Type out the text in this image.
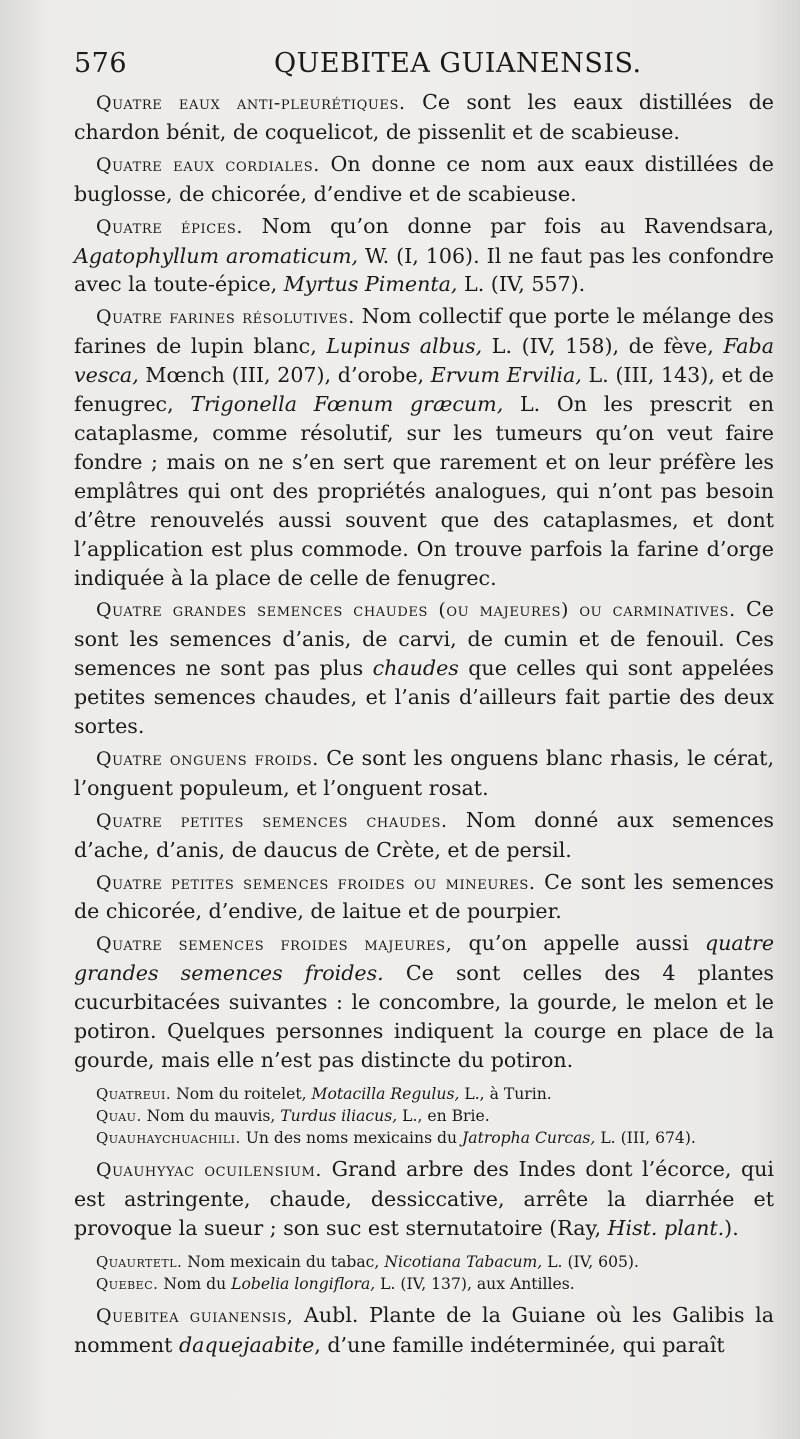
576	QUEBITEA GUIANENSIS.

Quatre eaux anti-pleurétiques. Ce sont les eaux distillées de chardon bénit, de coquelicot, de pissenlit et de scabieuse.

Quatre eaux cordiales. On donne ce nom aux eaux distillées de buglosse, de chicorée, d’endive et de scabieuse.

Quatre épices. Nom qu’on donne par fois au Ravendsara, Agatophyllum aromaticum, W. (I, 106). Il ne faut pas les confondre avec la toute-épice, Myrtus Pimenta, L. (IV, 557).

Quatre farines résolutives. Nom collectif que porte le mélange des farines de lupin blanc, Lupinus albus, L. (IV, 158), de fève, Faba vesca, Mœnch (III, 207), d’orobe, Ervum Ervilia, L. (III, 143), et de fenugrec, Trigonella Fœnum græcum, L. On les prescrit en cataplasme, comme résolutif, sur les tumeurs qu’on veut faire fondre ; mais on ne s’en sert que rarement et on leur préfère les emplâtres qui ont des propriétés analogues, qui n’ont pas besoin d’être renouvelés aussi souvent que des cataplasmes, et dont l’application est plus commode. On trouve parfois la farine d’orge indiquée à la place de celle de fenugrec.

Quatre grandes semences chaudes (ou majeures) ou carminatives. Ce sont les semences d’anis, de carvi, de cumin et de fenouil. Ces semences ne sont pas plus chaudes que celles qui sont appelées petites semences chaudes, et l’anis d’ailleurs fait partie des deux sortes.

Quatre onguens froids. Ce sont les onguens blanc rhasis, le cérat, l’onguent populeum, et l’onguent rosat.

Quatre petites semences chaudes. Nom donné aux semences d’ache, d’anis, de daucus de Crète, et de persil.

Quatre petites semences froides ou mineures. Ce sont les semences de chicorée, d’endive, de laitue et de pourpier.

Quatre semences froides majeures, qu’on appelle aussi quatre grandes semences froides. Ce sont celles des 4 plantes cucurbitacées suivantes : le concombre, la gourde, le melon et le potiron. Quelques personnes indiquent la courge en place de la gourde, mais elle n’est pas distincte du potiron.

Quatreui. Nom du roitelet, Motacilla Regulus, L., à Turin.

Quau. Nom du mauvis, Turdus iliacus, L., en Brie.

Quauhaychuachili. Un des noms mexicains du Jatropha Curcas, L. (III, 674).

Quauhyyac ocuilensium. Grand arbre des Indes dont l’écorce, qui est astringente, chaude, dessiccative, arrête la diarrhée et provoque la sueur ; son suc est sternutatoire (Ray, Hist. plant.).

Quaurtetl. Nom mexicain du tabac, Nicotiana Tabacum, L. (IV, 605).

Quebec. Nom du Lobelia longiflora, L. (IV, 137), aux Antilles.

Quebitea guianensis, Aubl. Plante de la Guiane où les Galibis la nomment daquejaabite, d’une famille indéterminée, qui paraît
